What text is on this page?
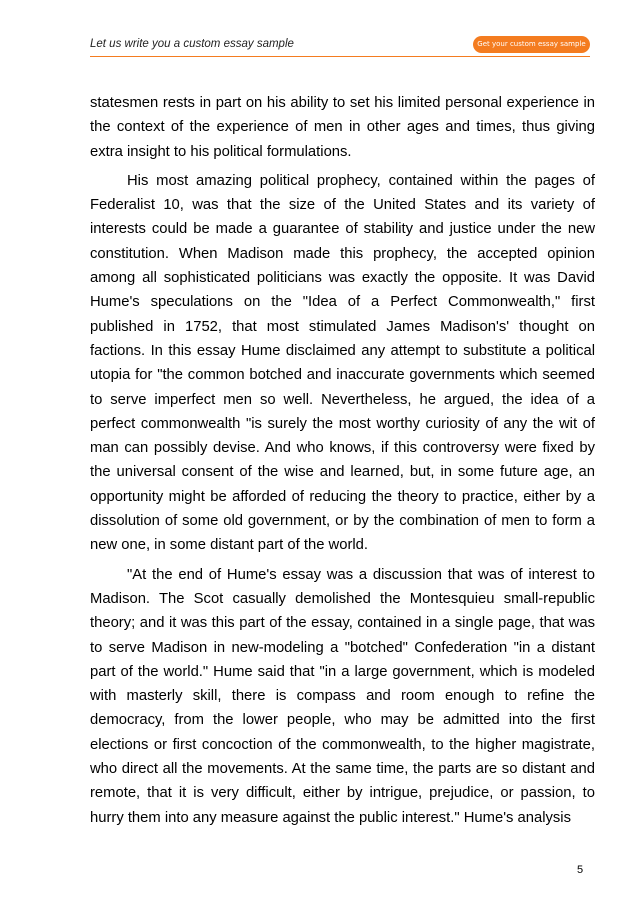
Let us write you a custom essay sample	Get your custom essay sample

statesmen rests in part on his ability to set his limited personal experience in the context of the experience of men in other ages and times, thus giving extra insight to his political formulations.

His most amazing political prophecy, contained within the pages of Federalist 10, was that the size of the United States and its variety of interests could be made a guarantee of stability and justice under the new constitution. When Madison made this prophecy, the accepted opinion among all sophisticated politicians was exactly the opposite. It was David Hume's speculations on the "Idea of a Perfect Commonwealth," first published in 1752, that most stimulated James Madison's' thought on factions. In this essay Hume disclaimed any attempt to substitute a political utopia for "the common botched and inaccurate governments which seemed to serve imperfect men so well. Nevertheless, he argued, the idea of a perfect commonwealth "is surely the most worthy curiosity of any the wit of man can possibly devise. And who knows, if this controversy were fixed by the universal consent of the wise and learned, but, in some future age, an opportunity might be afforded of reducing the theory to practice, either by a dissolution of some old government, or by the combination of men to form a new one, in some distant part of the world.

"At the end of Hume's essay was a discussion that was of interest to Madison. The Scot casually demolished the Montesquieu small-republic theory; and it was this part of the essay, contained in a single page, that was to serve Madison in new-modeling a "botched" Confederation "in a distant part of the world." Hume said that "in a large government, which is modeled with masterly skill, there is compass and room enough to refine the democracy, from the lower people, who may be admitted into the first elections or first concoction of the commonwealth, to the higher magistrate, who direct all the movements. At the same time, the parts are so distant and remote, that it is very difficult, either by intrigue, prejudice, or passion, to hurry them into any measure against the public interest." Hume's analysis

5
